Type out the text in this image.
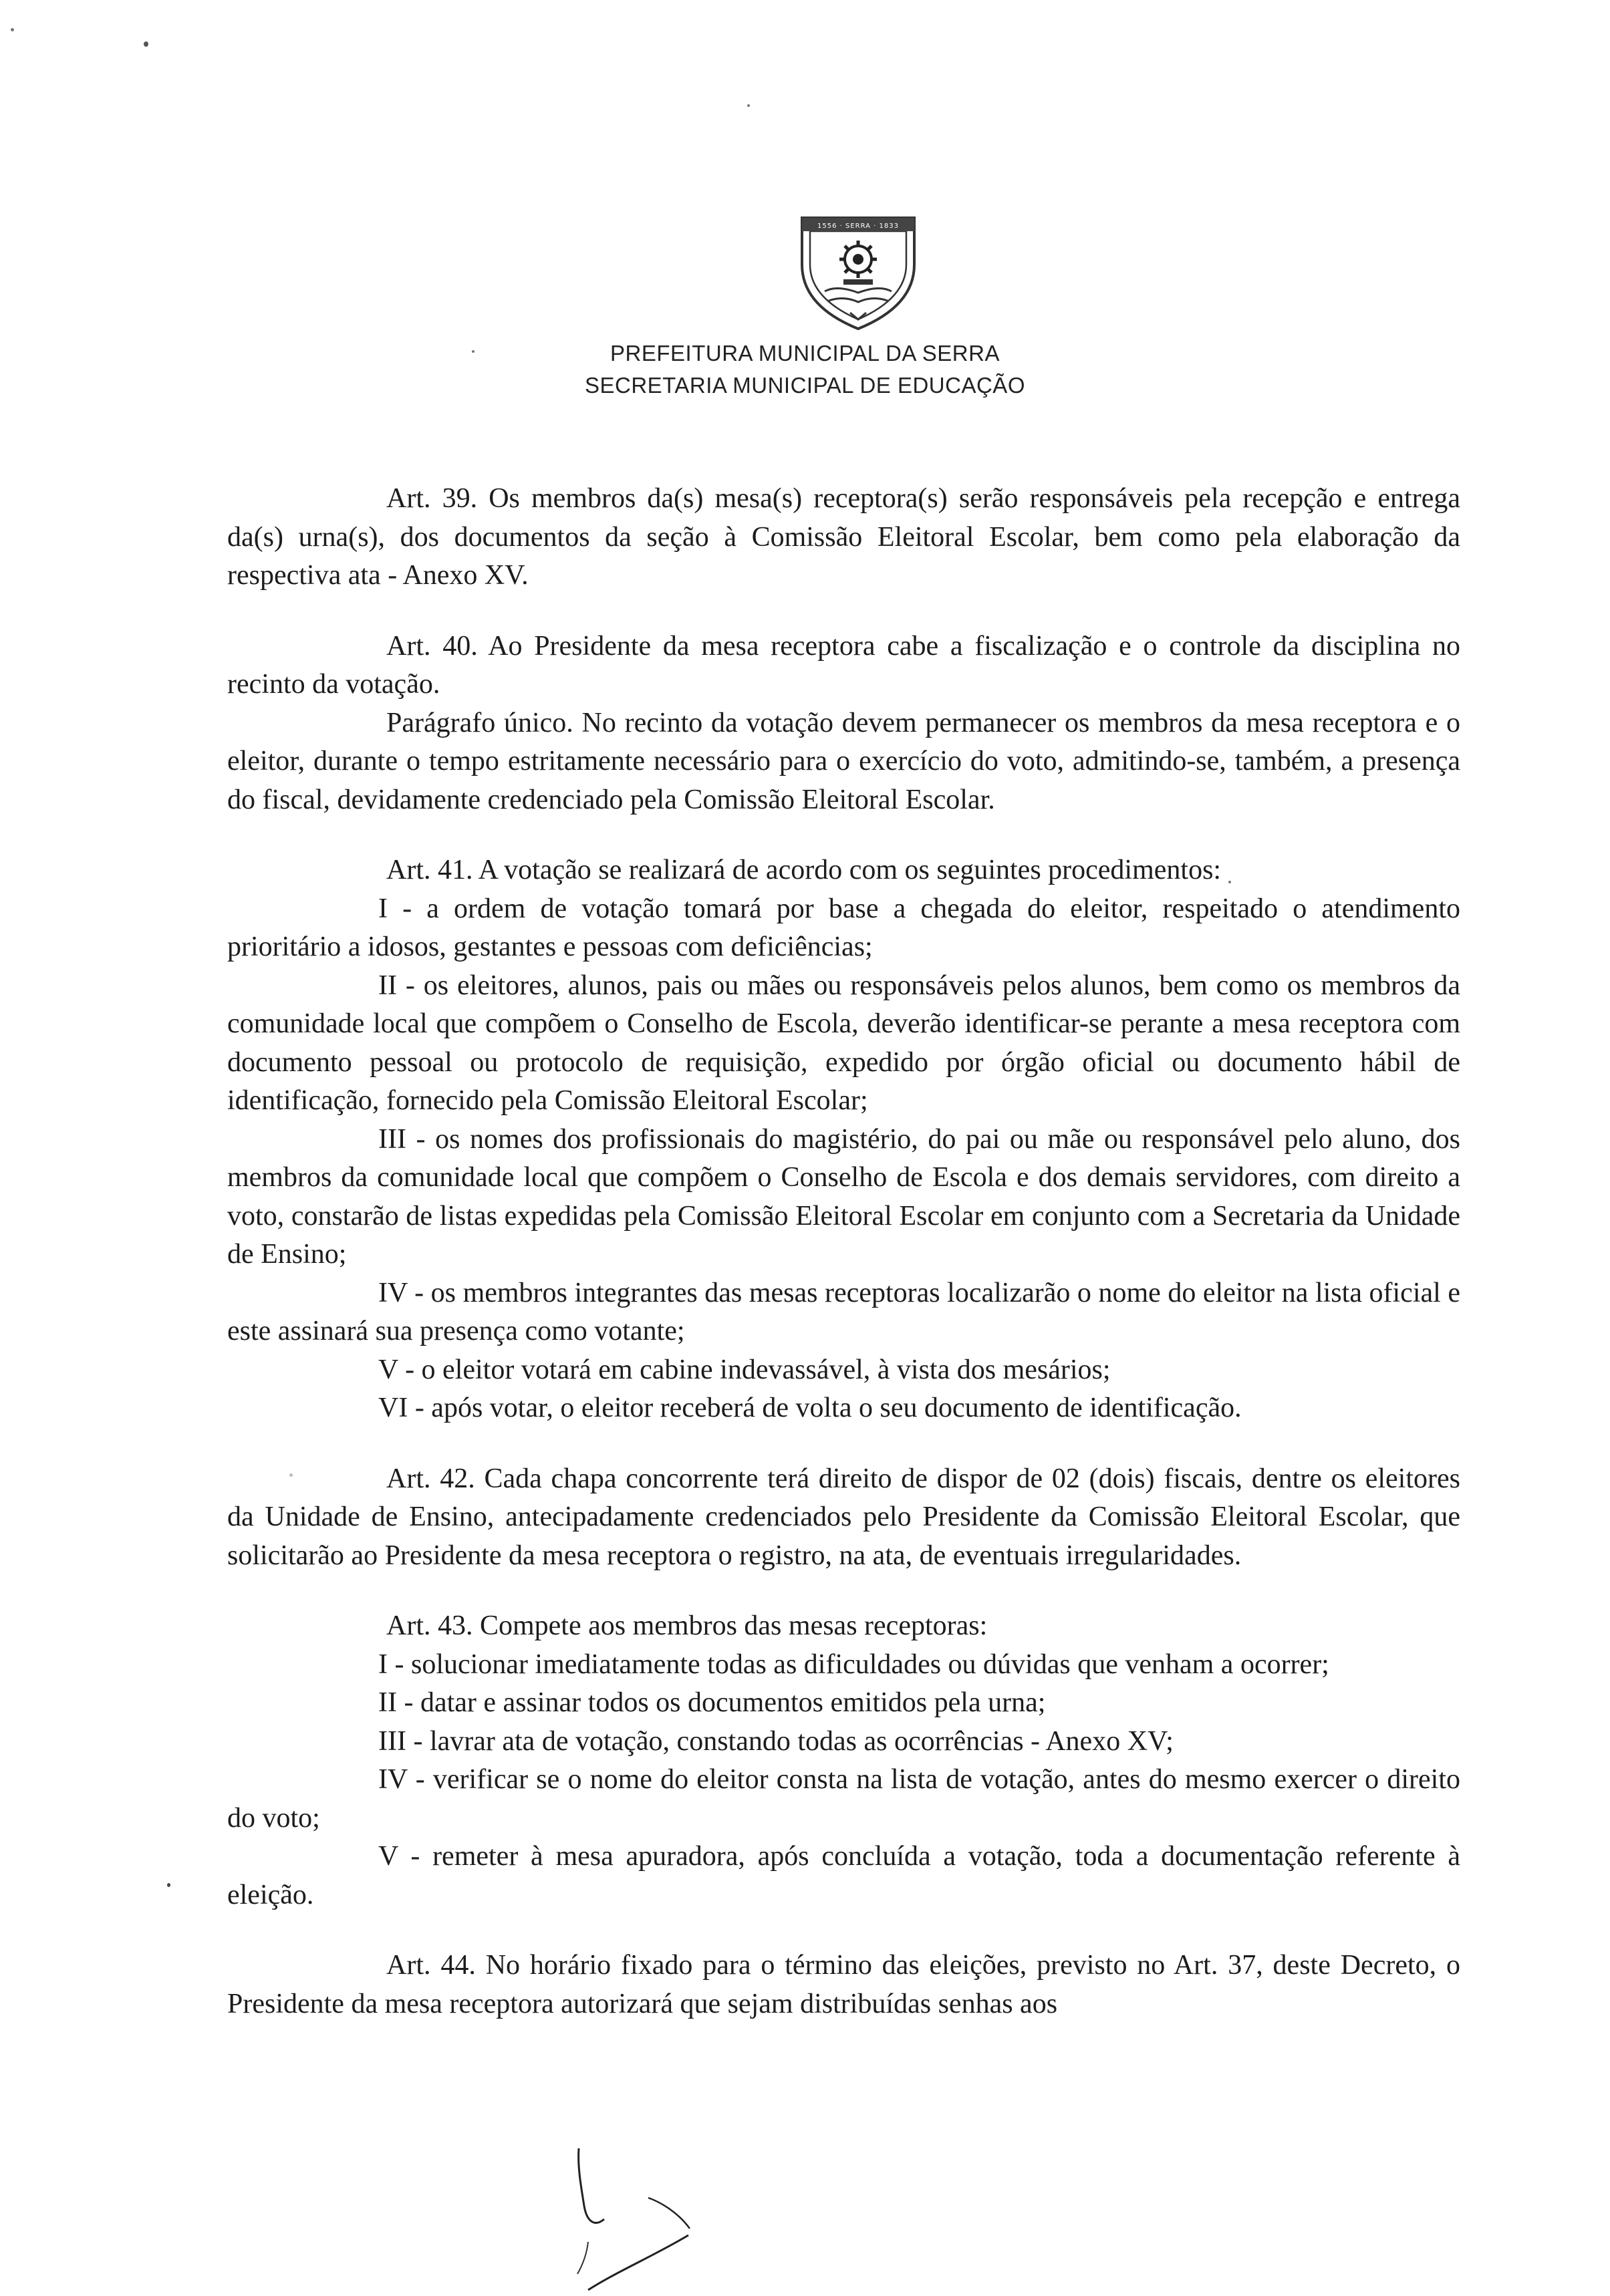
1556 · SERRA · 1833
PREFEITURA MUNICIPAL DA SERRA
SECRETARIA MUNICIPAL DE EDUCAÇÃO

Art. 39. Os membros da(s) mesa(s) receptora(s) serão responsáveis pela recepção e entrega da(s) urna(s), dos documentos da seção à Comissão Eleitoral Escolar, bem como pela elaboração da respectiva ata - Anexo XV.

Art. 40. Ao Presidente da mesa receptora cabe a fiscalização e o controle da disciplina no recinto da votação.

Parágrafo único. No recinto da votação devem permanecer os membros da mesa receptora e o eleitor, durante o tempo estritamente necessário para o exercício do voto, admitindo-se, também, a presença do fiscal, devidamente credenciado pela Comissão Eleitoral Escolar.

Art. 41. A votação se realizará de acordo com os seguintes procedimentos:

I - a ordem de votação tomará por base a chegada do eleitor, respeitado o atendimento prioritário a idosos, gestantes e pessoas com deficiências;

II - os eleitores, alunos, pais ou mães ou responsáveis pelos alunos, bem como os membros da comunidade local que compõem o Conselho de Escola, deverão identificar-se perante a mesa receptora com documento pessoal ou protocolo de requisição, expedido por órgão oficial ou documento hábil de identificação, fornecido pela Comissão Eleitoral Escolar;

III - os nomes dos profissionais do magistério, do pai ou mãe ou responsável pelo aluno, dos membros da comunidade local que compõem o Conselho de Escola e dos demais servidores, com direito a voto, constarão de listas expedidas pela Comissão Eleitoral Escolar em conjunto com a Secretaria da Unidade de Ensino;

IV - os membros integrantes das mesas receptoras localizarão o nome do eleitor na lista oficial e este assinará sua presença como votante;

V - o eleitor votará em cabine indevassável, à vista dos mesários;

VI - após votar, o eleitor receberá de volta o seu documento de identificação.

Art. 42. Cada chapa concorrente terá direito de dispor de 02 (dois) fiscais, dentre os eleitores da Unidade de Ensino, antecipadamente credenciados pelo Presidente da Comissão Eleitoral Escolar, que solicitarão ao Presidente da mesa receptora o registro, na ata, de eventuais irregularidades.

Art. 43. Compete aos membros das mesas receptoras:

I - solucionar imediatamente todas as dificuldades ou dúvidas que venham a ocorrer;

II - datar e assinar todos os documentos emitidos pela urna;

III - lavrar ata de votação, constando todas as ocorrências - Anexo XV;

IV - verificar se o nome do eleitor consta na lista de votação, antes do mesmo exercer o direito do voto;

V - remeter à mesa apuradora, após concluída a votação, toda a documentação referente à eleição.

Art. 44. No horário fixado para o término das eleições, previsto no Art. 37, deste Decreto, o Presidente da mesa receptora autorizará que sejam distribuídas senhas aos
